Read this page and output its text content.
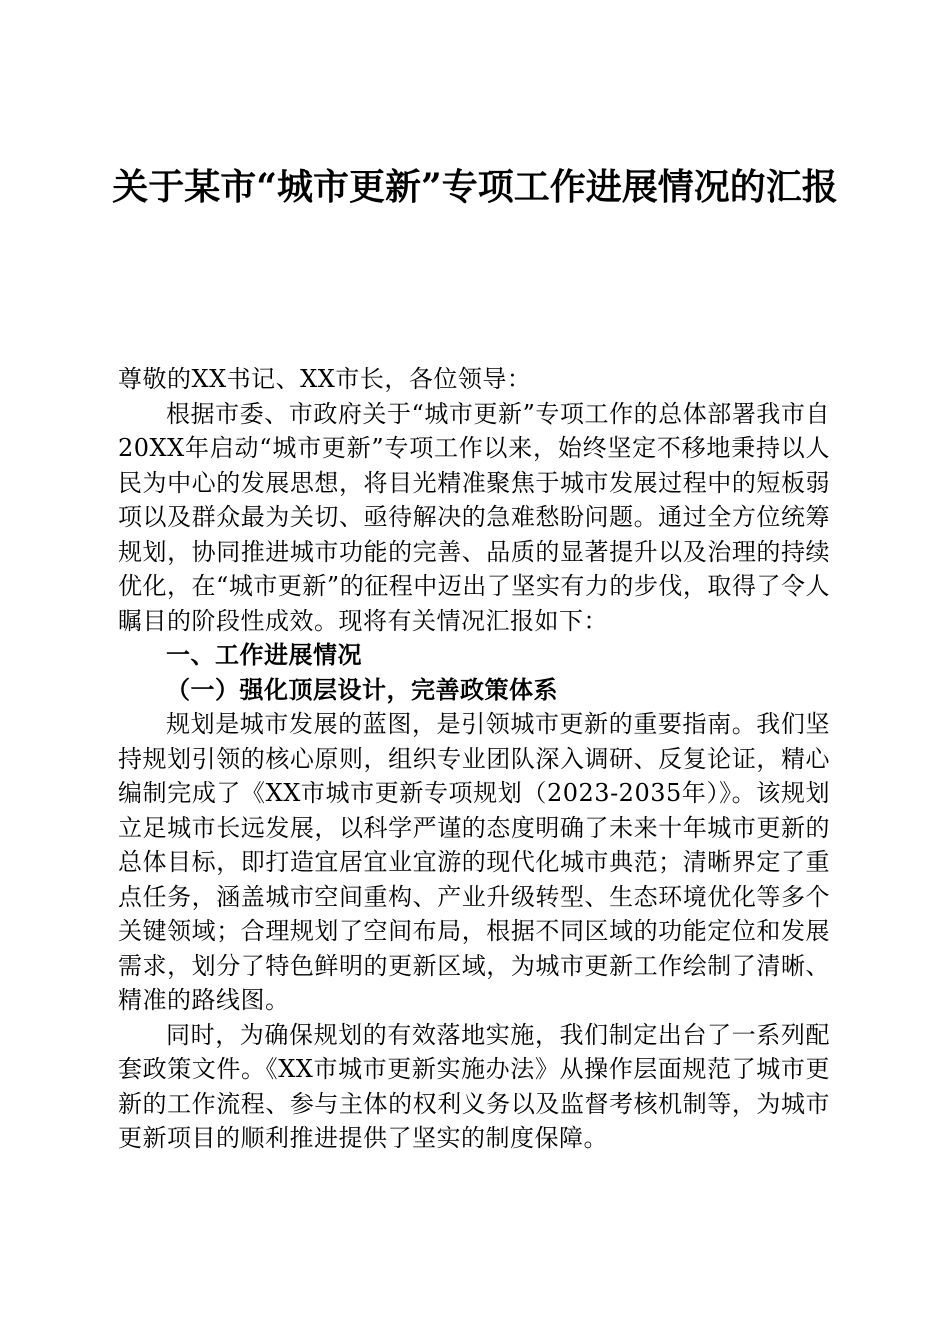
关于某市“城市更新”专项工作进展情况的汇报

尊敬的XX书记、XX市长，各位领导：

根据市委、市政府关于“城市更新”专项工作的总体部署我市自20XX年启动“城市更新”专项工作以来，始终坚定不移地秉持以人民为中心的发展思想，将目光精准聚焦于城市发展过程中的短板弱项以及群众最为关切、亟待解决的急难愁盼问题。通过全方位统筹规划，协同推进城市功能的完善、品质的显著提升以及治理的持续优化，在“城市更新”的征程中迈出了坚实有力的步伐，取得了令人瞩目的阶段性成效。现将有关情况汇报如下：

一、工作进展情况

（一）强化顶层设计，完善政策体系

规划是城市发展的蓝图，是引领城市更新的重要指南。我们坚持规划引领的核心原则，组织专业团队深入调研、反复论证，精心编制完成了《XX市城市更新专项规划（2023-2035年）》。该规划立足城市长远发展，以科学严谨的态度明确了未来十年城市更新的总体目标，即打造宜居宜业宜游的现代化城市典范；清晰界定了重点任务，涵盖城市空间重构、产业升级转型、生态环境优化等多个关键领域；合理规划了空间布局，根据不同区域的功能定位和发展需求，划分了特色鲜明的更新区域，为城市更新工作绘制了清晰、精准的路线图。

同时，为确保规划的有效落地实施，我们制定出台了一系列配套政策文件。《XX市城市更新实施办法》从操作层面规范了城市更新的工作流程、参与主体的权利义务以及监督考核机制等，为城市更新项目的顺利推进提供了坚实的制度保障。
